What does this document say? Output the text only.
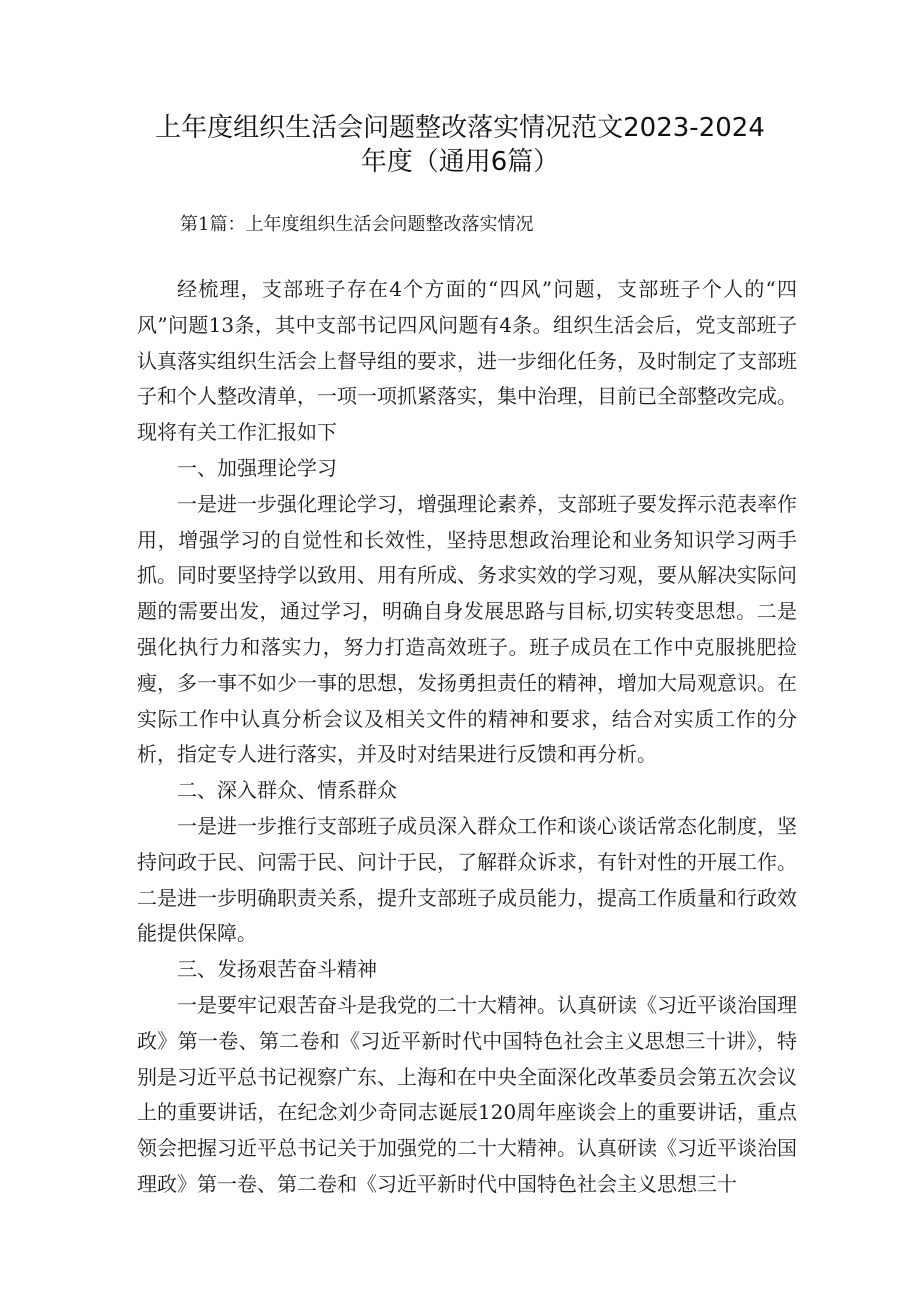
上年度组织生活会问题整改落实情况范文2023-2024
年度（通用6篇）
第1篇：上年度组织生活会问题整改落实情况

经梳理，支部班子存在4个方面的“四风”问题，支部班子个人的“四风”问题13条，其中支部书记四风问题有4条。组织生活会后，党支部班子认真落实组织生活会上督导组的要求，进一步细化任务，及时制定了支部班子和个人整改清单，一项一项抓紧落实，集中治理，目前已全部整改完成。现将有关工作汇报如下

一、加强理论学习

一是进一步强化理论学习，增强理论素养，支部班子要发挥示范表率作用，增强学习的自觉性和长效性，坚持思想政治理论和业务知识学习两手抓。同时要坚持学以致用、用有所成、务求实效的学习观，要从解决实际问题的需要出发，通过学习，明确自身发展思路与目标,切实转变思想。二是强化执行力和落实力，努力打造高效班子。班子成员在工作中克服挑肥捡瘦，多一事不如少一事的思想，发扬勇担责任的精神，增加大局观意识。在实际工作中认真分析会议及相关文件的精神和要求，结合对实质工作的分析，指定专人进行落实，并及时对结果进行反馈和再分析。

二、深入群众、情系群众

一是进一步推行支部班子成员深入群众工作和谈心谈话常态化制度，坚持问政于民、问需于民、问计于民，了解群众诉求，有针对性的开展工作。二是进一步明确职责关系，提升支部班子成员能力，提高工作质量和行政效能提供保障。

三、发扬艰苦奋斗精神

一是要牢记艰苦奋斗是我党的二十大精神。认真研读《习近平谈治国理政》第一卷、第二卷和《习近平新时代中国特色社会主义思想三十讲》，特别是习近平总书记视察广东、上海和在中央全面深化改革委员会第五次会议上的重要讲话，在纪念刘少奇同志诞辰120周年座谈会上的重要讲话，重点领会把握习近平总书记关于加强党的二十大精神。认真研读《习近平谈治国理政》第一卷、第二卷和《习近平新时代中国特色社会主义思想三十
